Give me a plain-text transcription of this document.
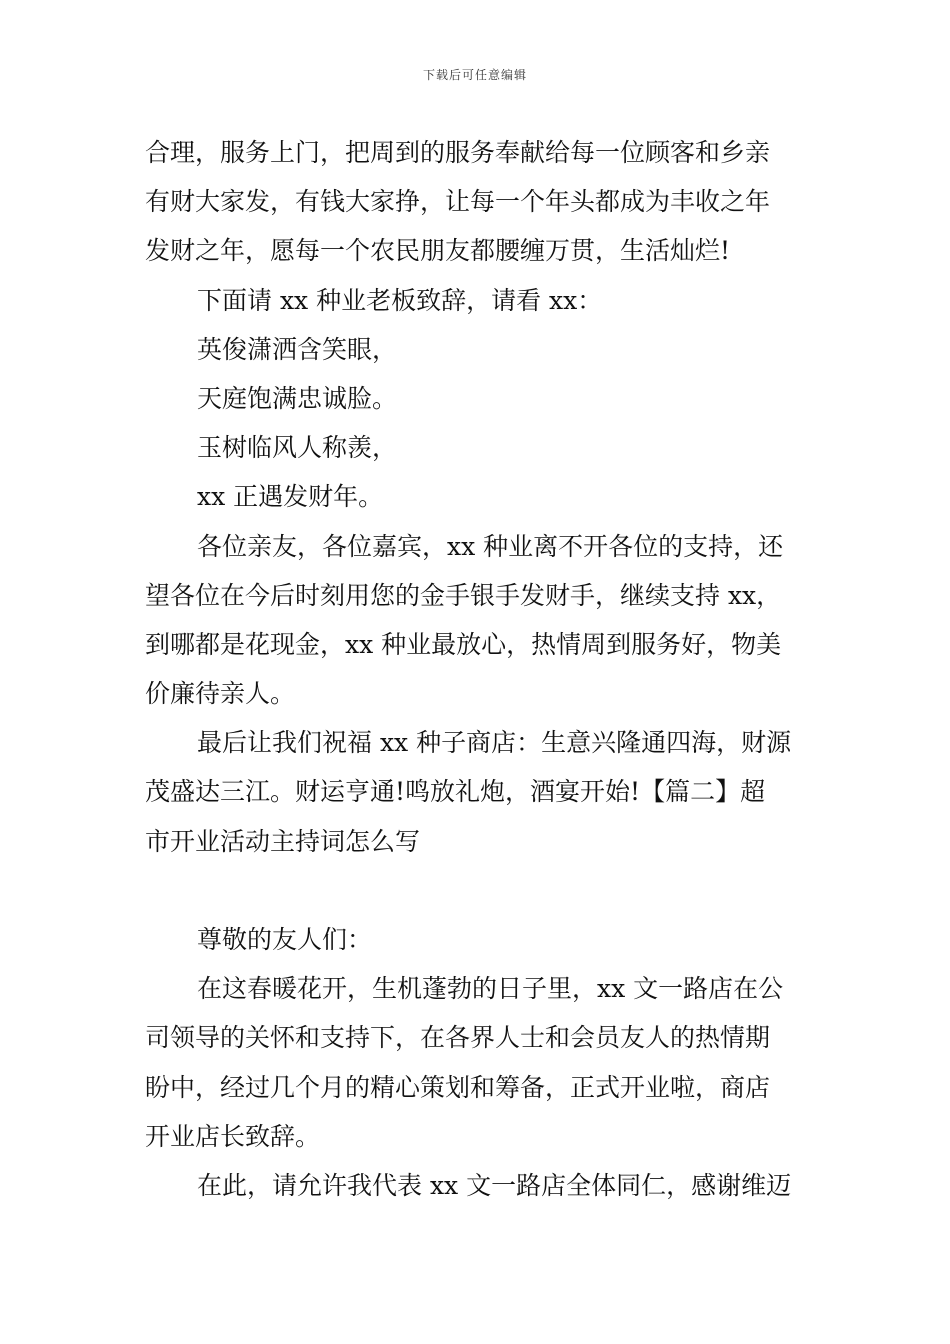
下载后可任意编辑
合理，服务上门，把周到的服务奉献给每一位顾客和乡亲
有财大家发，有钱大家挣，让每一个年头都成为丰收之年
发财之年，愿每一个农民朋友都腰缠万贯，生活灿烂!
下面请 xx 种业老板致辞，请看 xx：
英俊潇洒含笑眼，
天庭饱满忠诚脸。
玉树临风人称羡，
xx 正遇发财年。
各位亲友，各位嘉宾，xx 种业离不开各位的支持，还
望各位在今后时刻用您的金手银手发财手，继续支持 xx，
到哪都是花现金，xx 种业最放心，热情周到服务好，物美
价廉待亲人。
最后让我们祝福 xx 种子商店：生意兴隆通四海，财源
茂盛达三江。财运亨通!鸣放礼炮，酒宴开始!【篇二】超
市开业活动主持词怎么写
尊敬的友人们：
在这春暖花开，生机蓬勃的日子里，xx 文一路店在公
司领导的关怀和支持下，在各界人士和会员友人的热情期
盼中，经过几个月的精心策划和筹备，正式开业啦，商店
开业店长致辞。
在此，请允许我代表 xx 文一路店全体同仁，感谢维迈
